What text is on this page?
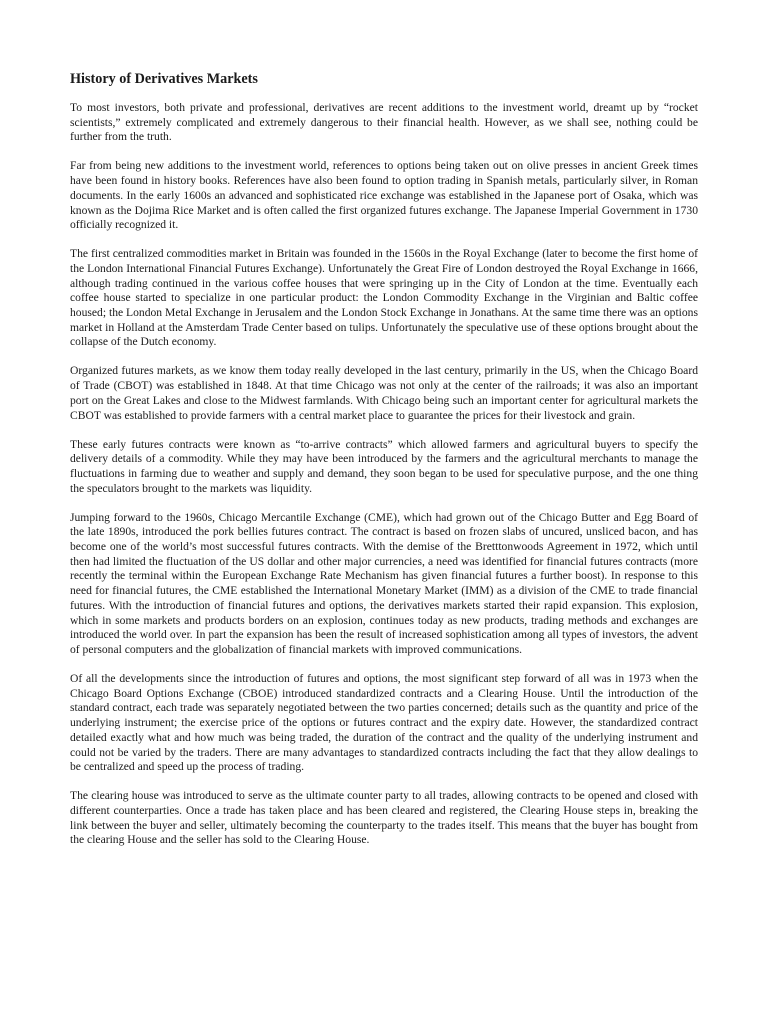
History of Derivatives Markets

To most investors, both private and professional, derivatives are recent additions to the investment world, dreamt up by “rocket scientists,” extremely complicated and extremely dangerous to their financial health. However, as we shall see, nothing could be further from the truth.

Far from being new additions to the investment world, references to options being taken out on olive presses in ancient Greek times have been found in history books. References have also been found to option trading in Spanish metals, particularly silver, in Roman documents. In the early 1600s an advanced and sophisticated rice exchange was established in the Japanese port of Osaka, which was known as the Dojima Rice Market and is often called the first organized futures exchange. The Japanese Imperial Government in 1730 officially recognized it.

The first centralized commodities market in Britain was founded in the 1560s in the Royal Exchange (later to become the first home of the London International Financial Futures Exchange). Unfortunately the Great Fire of London destroyed the Royal Exchange in 1666, although trading continued in the various coffee houses that were springing up in the City of London at the time. Eventually each coffee house started to specialize in one particular product: the London Commodity Exchange in the Virginian and Baltic coffee housed; the London Metal Exchange in Jerusalem and the London Stock Exchange in Jonathans. At the same time there was an options market in Holland at the Amsterdam Trade Center based on tulips. Unfortunately the speculative use of these options brought about the collapse of the Dutch economy.

Organized futures markets, as we know them today really developed in the last century, primarily in the US, when the Chicago Board of Trade (CBOT) was established in 1848. At that time Chicago was not only at the center of the railroads; it was also an important port on the Great Lakes and close to the Midwest farmlands. With Chicago being such an important center for agricultural markets the CBOT was established to provide farmers with a central market place to guarantee the prices for their livestock and grain.

These early futures contracts were known as “to-arrive contracts” which allowed farmers and agricultural buyers to specify the delivery details of a commodity. While they may have been introduced by the farmers and the agricultural merchants to manage the fluctuations in farming due to weather and supply and demand, they soon began to be used for speculative purpose, and the one thing the speculators brought to the markets was liquidity.

Jumping forward to the 1960s, Chicago Mercantile Exchange (CME), which had grown out of the Chicago Butter and Egg Board of the late 1890s, introduced the pork bellies futures contract. The contract is based on frozen slabs of uncured, unsliced bacon, and has become one of the world’s most successful futures contracts. With the demise of the Bretttonwoods Agreement in 1972, which until then had limited the fluctuation of the US dollar and other major currencies, a need was identified for financial futures contracts (more recently the terminal within the European Exchange Rate Mechanism has given financial futures a further boost). In response to this need for financial futures, the CME established the International Monetary Market (IMM) as a division of the CME to trade financial futures. With the introduction of financial futures and options, the derivatives markets started their rapid expansion. This explosion, which in some markets and products borders on an explosion, continues today as new products, trading methods and exchanges are introduced the world over. In part the expansion has been the result of increased sophistication among all types of investors, the advent of personal computers and the globalization of financial markets with improved communications.

Of all the developments since the introduction of futures and options, the most significant step forward of all was in 1973 when the Chicago Board Options Exchange (CBOE) introduced standardized contracts and a Clearing House. Until the introduction of the standard contract, each trade was separately negotiated between the two parties concerned; details such as the quantity and price of the underlying instrument; the exercise price of the options or futures contract and the expiry date. However, the standardized contract detailed exactly what and how much was being traded, the duration of the contract and the quality of the underlying instrument and could not be varied by the traders. There are many advantages to standardized contracts including the fact that they allow dealings to be centralized and speed up the process of trading.

The clearing house was introduced to serve as the ultimate counter party to all trades, allowing contracts to be opened and closed with different counterparties. Once a trade has taken place and has been cleared and registered, the Clearing House steps in, breaking the link between the buyer and seller, ultimately becoming the counterparty to the trades itself. This means that the buyer has bought from the clearing House and the seller has sold to the Clearing House.
